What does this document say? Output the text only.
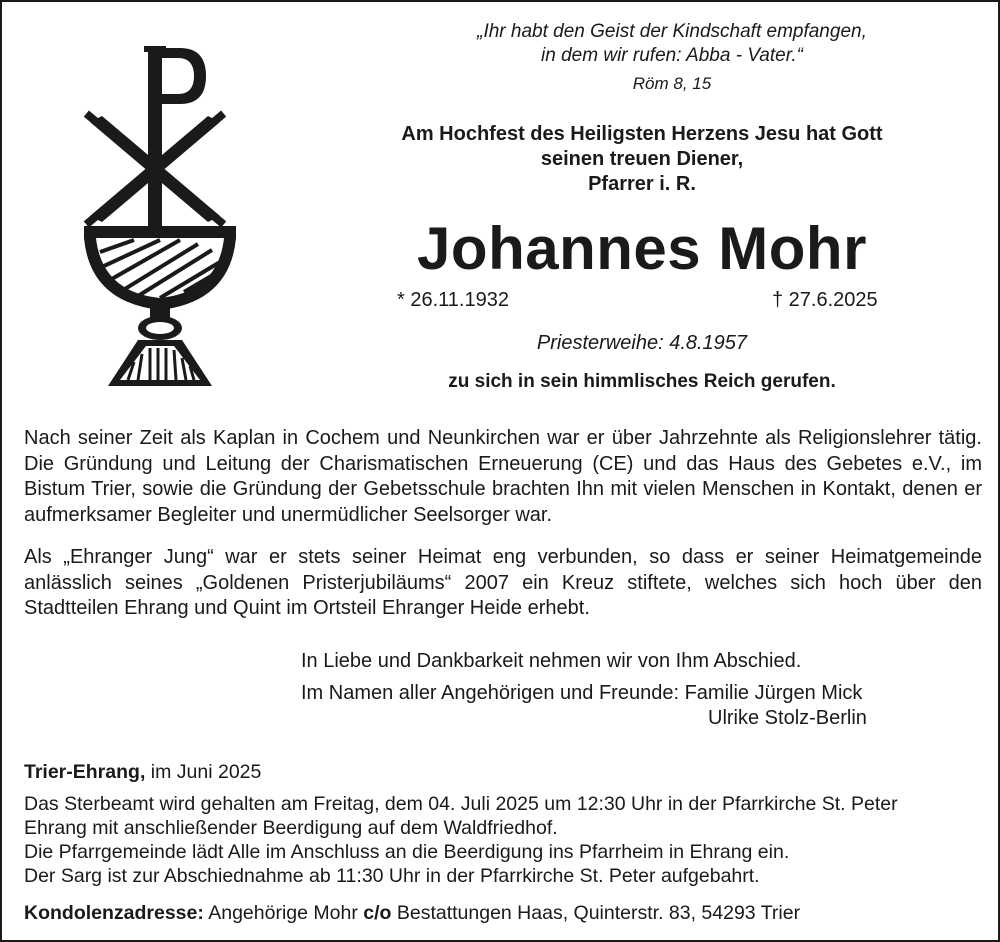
„Ihr habt den Geist der Kindschaft empfangen,
in dem wir rufen: Abba - Vater.“
Röm 8, 15
Am Hochfest des Heiligsten Herzens Jesu hat Gott
seinen treuen Diener,
Pfarrer i. R.
Johannes Mohr
* 26.11.1932	† 27.6.2025
Priesterweihe: 4.8.1957
zu sich in sein himmlisches Reich gerufen.
Nach seiner Zeit als Kaplan in Cochem und Neunkirchen war er über Jahrzehnte als Religionslehrer tätig. Die Gründung und Leitung der Charismatischen Erneuerung (CE) und das Haus des Gebetes e.V., im Bistum Trier, sowie die Gründung der Gebetsschule brachten Ihn mit vielen Menschen in Kontakt, denen er aufmerksamer Begleiter und unermüdlicher Seelsorger war.
Als „Ehranger Jung“ war er stets seiner Heimat eng verbunden, so dass er seiner Heimatgemeinde anlässlich seines „Goldenen Pristerjubiläums“ 2007 ein Kreuz stiftete, welches sich hoch über den Stadtteilen Ehrang und Quint im Ortsteil Ehranger Heide erhebt.
In Liebe und Dankbarkeit nehmen wir von Ihm Abschied.
Im Namen aller Angehörigen und Freunde: Familie Jürgen Mick
Ulrike Stolz-Berlin
Trier-Ehrang, im Juni 2025
Das Sterbeamt wird gehalten am Freitag, dem 04. Juli 2025 um 12:30 Uhr in der Pfarrkirche St. Peter
Ehrang mit anschließender Beerdigung auf dem Waldfriedhof.
Die Pfarrgemeinde lädt Alle im Anschluss an die Beerdigung ins Pfarrheim in Ehrang ein.
Der Sarg ist zur Abschiednahme ab 11:30 Uhr in der Pfarrkirche St. Peter aufgebahrt.
Kondolenzadresse: Angehörige Mohr c/o Bestattungen Haas, Quinterstr. 83, 54293 Trier
